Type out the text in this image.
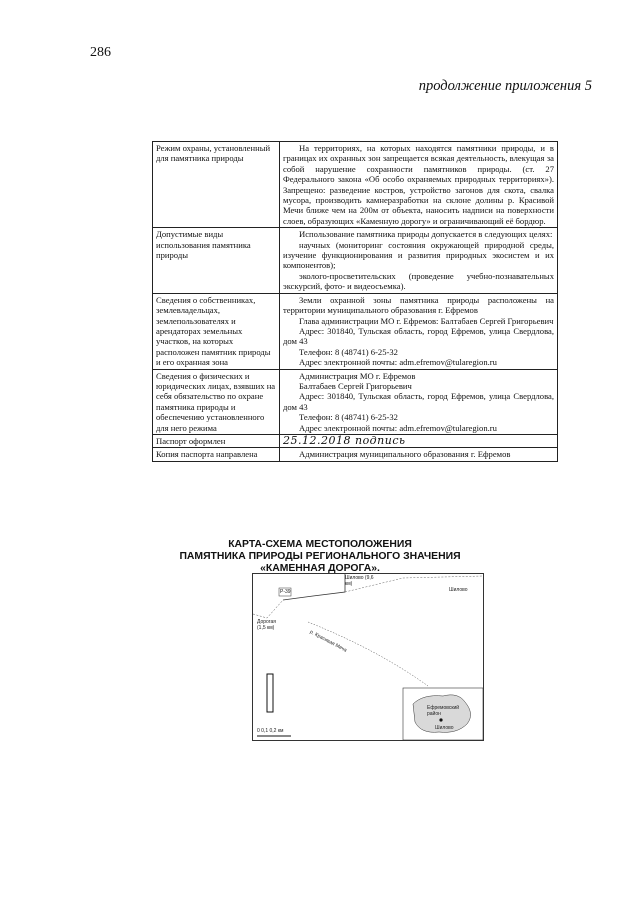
286
продолжение приложения 5
Режим охраны, установленный для памятника природы	На территориях, на которых находятся памятники природы, и в границах их охранных зон запрещается всякая деятельность, влекущая за собой нарушение сохранности памятников природы. (ст. 27 Федерального закона «Об особо охраняемых природных территориях»). Запрещено: разведение костров, устройство загонов для скота, свалка мусора, производить камнеразработки на склоне долины р. Красивой Мечи ближе чем на 200м от объекта, наносить надписи на поверхности слоев, образующих «Каменную дорогу» и ограничивающий её бордюр.

Допустимые виды использования памятника природы	Использование памятника природы допускается в следующих целях:

научных (мониторинг состояния окружающей природной среды, изучение функционирования и развития природных экосистем и их компонентов);

эколого-просветительских (проведение учебно-познавательных экскурсий, фото- и видеосъемка).

Сведения о собственниках, землевладельцах, землепользователях и арендаторах земельных участков, на которых расположен памятник природы и его охранная зона	Земли охранной зоны памятника природы расположены на территории муниципального образования г. Ефремов

Глава администрации МО г. Ефремов: Балтабаев Сергей Григорьевич

Адрес: 301840, Тульская область, город Ефремов, улица Свердлова, дом 43

Телефон: 8 (48741) 6-25-32

Адрес электронной почты: adm.efremov@tularegion.ru

Сведения о физических и юридических лицах, взявших на себя обязательство по охране памятника природы и обеспечению установленного для него режима	Администрация МО г. Ефремов

Балтабаев Сергей Григорьевич

Адрес: 301840, Тульская область, город Ефремов, улица Свердлова, дом 43

Телефон: 8 (48741) 6-25-32

Адрес электронной почты: adm.efremov@tularegion.ru

Паспорт оформлен	25.12.2018 подпись

Копия паспорта направлена	Администрация муниципального образования г. Ефремов

КАРТА-СХЕМА МЕСТОПОЛОЖЕНИЯ
ПАМЯТНИКА ПРИРОДЫ РЕГИОНАЛЬНОГО ЗНАЧЕНИЯ
«КАМЕННАЯ ДОРОГА».
Шилово (9,6 км)
Шилово
Р-39
Дорогая (1,5 км)
р. Красивая Меча
Ефремовский район
0 0,1 0,2 км	Шилово
